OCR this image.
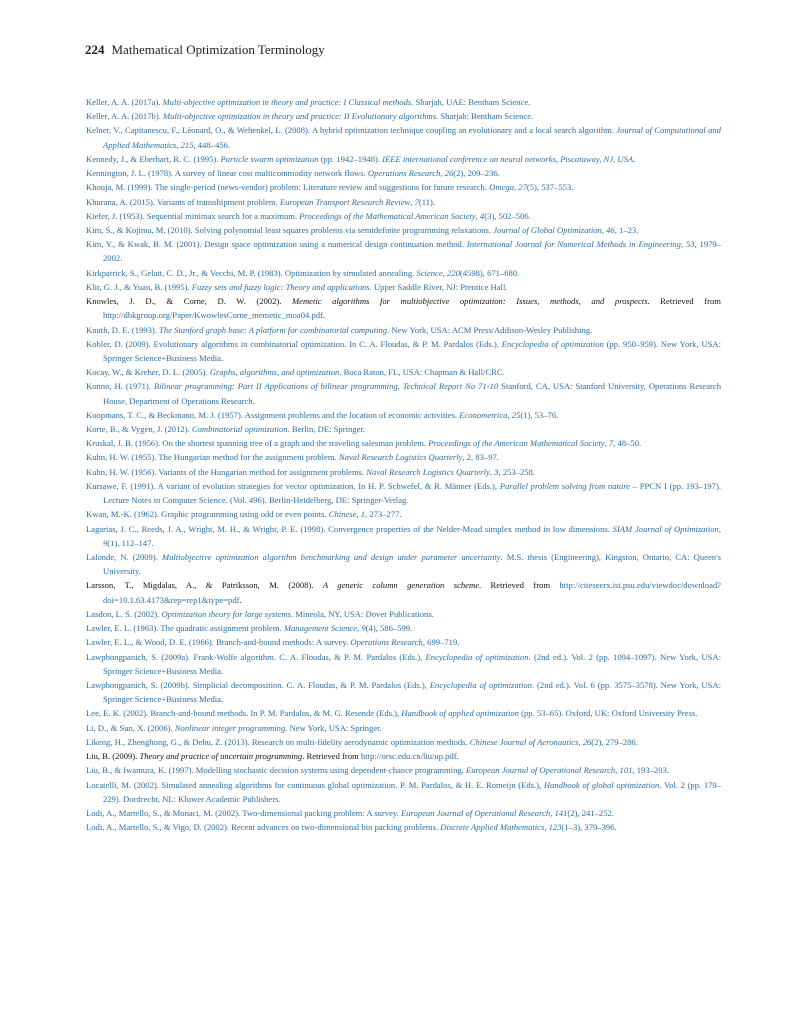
224 Mathematical Optimization Terminology

Keller, A. A. (2017a). Multi-objective optimization in theory and practice: I Classical methods. Sharjah, UAE: Bentham Science.

Keller, A. A. (2017b). Multi-objective optimization in theory and practice: II Evolutionary algorithms. Sharjah: Bentham Science.

Kelner, V., Capitanescu, F., Léonard, O., & Wehenkel, L. (2008). A hybrid optimization technique coupling an evolutionary and a local search algorithm. Journal of Computational and Applied Mathematics, 215, 448–456.

Kennedy, J., & Eberhart, R. C. (1995). Particle swarm optimization (pp. 1942–1948). IEEE international conference on neural networks, Piscataway, NJ, USA.

Kennington, J. L. (1978). A survey of linear cost multicommodity network flows. Operations Research, 26(2), 209–236.

Khouja, M. (1999). The single-period (news-vendor) problem: Literature review and suggestions for future research. Omega, 27(5), 537–553.

Khurana, A. (2015). Variants of transshipment problem. European Transport Research Review, 7(11).

Kiefer, J. (1953). Sequential minimax search for a maximum. Proceedings of the Mathematical American Society, 4(3), 502–506.

Kim, S., & Kojima, M. (2010). Solving polynomial least squares problems via semidefinite programming relaxations. Journal of Global Optimization, 46, 1–23.

Kim, Y., & Kwak, B. M. (2001). Design space optimization using a numerical design continuation method. International Journal for Numerical Methods in Engineering, 53, 1979–2002.

Kirkpatrick, S., Gelatt, C. D., Jr., & Vecchi, M. P. (1983). Optimization by simulated annealing. Science, 220(4598), 671–680.

Klir, G. J., & Yuan, B. (1995). Fuzzy sets and fuzzy logic: Theory and applications. Upper Saddle River, NJ: Prentice Hall.

Knowles, J. D., & Corne, D. W. (2002). Memetic algorithms for multiobjective optimization: Issues, methods, and prospects. Retrieved from http://dbkgroup.org/Paper/KwowlesCorne_memetic_moa04.pdf.

Knuth, D. E. (1993). The Stanford graph base: A platform for combinatorial computing. New York, USA: ACM Press/Addison-Wesley Publishing.

Kobler, D. (2009). Evolutionary algorithms in combinatorial optimization. In C. A. Floudas, & P. M. Pardalos (Eds.), Encyclopedia of optimization (pp. 950–959). New York, USA: Springer Science+Business Media.

Kocay, W., & Kreher, D. L. (2005). Graphs, algorithms, and optimization. Boca Raton, FL, USA: Chapman & Hall/CRC.

Konno, H. (1971). Bilinear programming: Part II Applications of bilinear programming. Technical Report No 71-10 Stanford, CA, USA: Stanford University, Operations Research House, Department of Operations Research.

Koopmans, T. C., & Beckmann, M. J. (1957). Assignment problems and the location of economic activities. Econometrica, 25(1), 53–76.

Korte, B., & Vygen, J. (2012). Combinatorial optimization. Berlin, DE: Springer.

Kruskal, J. B. (1956). On the shortest spanning tree of a graph and the traveling salesman problem. Proceedings of the American Mathematical Society, 7, 48–50.

Kuhn, H. W. (1955). The Hungarian method for the assignment problem. Naval Research Logistics Quarterly, 2, 83–97.

Kuhn, H. W. (1956). Variants of the Hungarian method for assignment problems. Naval Research Logistics Quarterly, 3, 253–258.

Kursawe, F. (1991). A variant of evolution strategies for vector optimization. In H. P. Schwefel, & R. Männer (Eds.), Parallel problem solving from nature – PPCN I (pp. 193–197). Lecture Notes in Computer Science. (Vol. 496). Berlin-Heidelberg, DE: Springer-Verlag.

Kwan, M.-K. (1962). Graphic programming using odd or even points. Chinese, 1, 273–277.

Lagarias, J. C., Reeds, J. A., Wright, M. H., & Wright, P. E. (1998). Convergence properties of the Nelder-Mead simplex method in low dimensions. SIAM Journal of Optimization, 9(1), 112–147.

Lalonde, N. (2009). Multiobjective optimization algorithm benchmarking and design under parameter uncertainty. M.S. thesis (Engineering), Kingston, Ontario, CA: Queen's University.

Larsson, T., Migdalas, A., & Patriksson, M. (2008). A generic column generation scheme. Retrieved from http://citeseerx.ist.psu.edu/viewdoc/download?doi=10.1.63.4173&rep=rep1&type=pdf.

Lasdon, L. S. (2002). Optimization theory for large systems. Mineola, NY, USA: Dover Publications.

Lawler, E. L. (1963). The quadratic assignment problem. Management Science, 9(4), 586–599.

Lawler, E. L., & Wood, D. E. (1966). Branch-and-bound methods: A survey. Operations Research, 699–719.

Lawphongpanich, S. (2009a). Frank-Wolfe algorithm. C. A. Floudas, & P. M. Pardalos (Eds.), Encyclopedia of optimization. (2nd ed.). Vol. 2 (pp. 1094–1097). New York, USA: Springer Science+Business Media.

Lawphongpanich, S. (2009b). Simplicial decomposition. C. A. Floudas, & P. M. Pardalos (Eds.), Encyclopedia of optimization. (2nd ed.). Vol. 6 (pp. 3575–3578). New York, USA: Springer Science+Business Media.

Lee, E. K. (2002). Branch-and-bound methods. In P. M. Pardalos, & M. G. Resende (Eds.), Handbook of applied optimization (pp. 53–65). Oxford, UK: Oxford University Press.

Li, D., & Sun, X. (2006). Nonlinear integer programming. New York, USA: Springer.

Likeng, H., Zhenghong, G., & Dehu, Z. (2013). Research on multi-fidelity aerodynamic optimization methods. Chinese Journal of Aeronautics, 26(2), 279–286.

Liu, B. (2009). Theory and practice of uncertain programming. Retrieved from http://orsc.edu.cn/liu/up.pdf.

Liu, B., & Iwamura, K. (1997). Modelling stochastic decision systems using dependent-chance programming. European Journal of Operational Research, 101, 193–203.

Locatelli, M. (2002). Simulated annealing algorithms for continuous global optimization. P. M. Pardalos, & H. E. Romeijn (Eds.), Handbook of global optimization. Vol. 2 (pp. 179–229). Dordrecht, NL: Kluwer Academic Publishers.

Lodi, A., Martello, S., & Monaci, M. (2002). Two-dimensional packing problem: A survey. European Journal of Operational Research, 141(2), 241–252.

Lodi, A., Martello, S., & Vigo, D. (2002). Recent advances on two-dimensional bin packing problems. Discrete Applied Mathematics, 123(1–3), 379–396.
